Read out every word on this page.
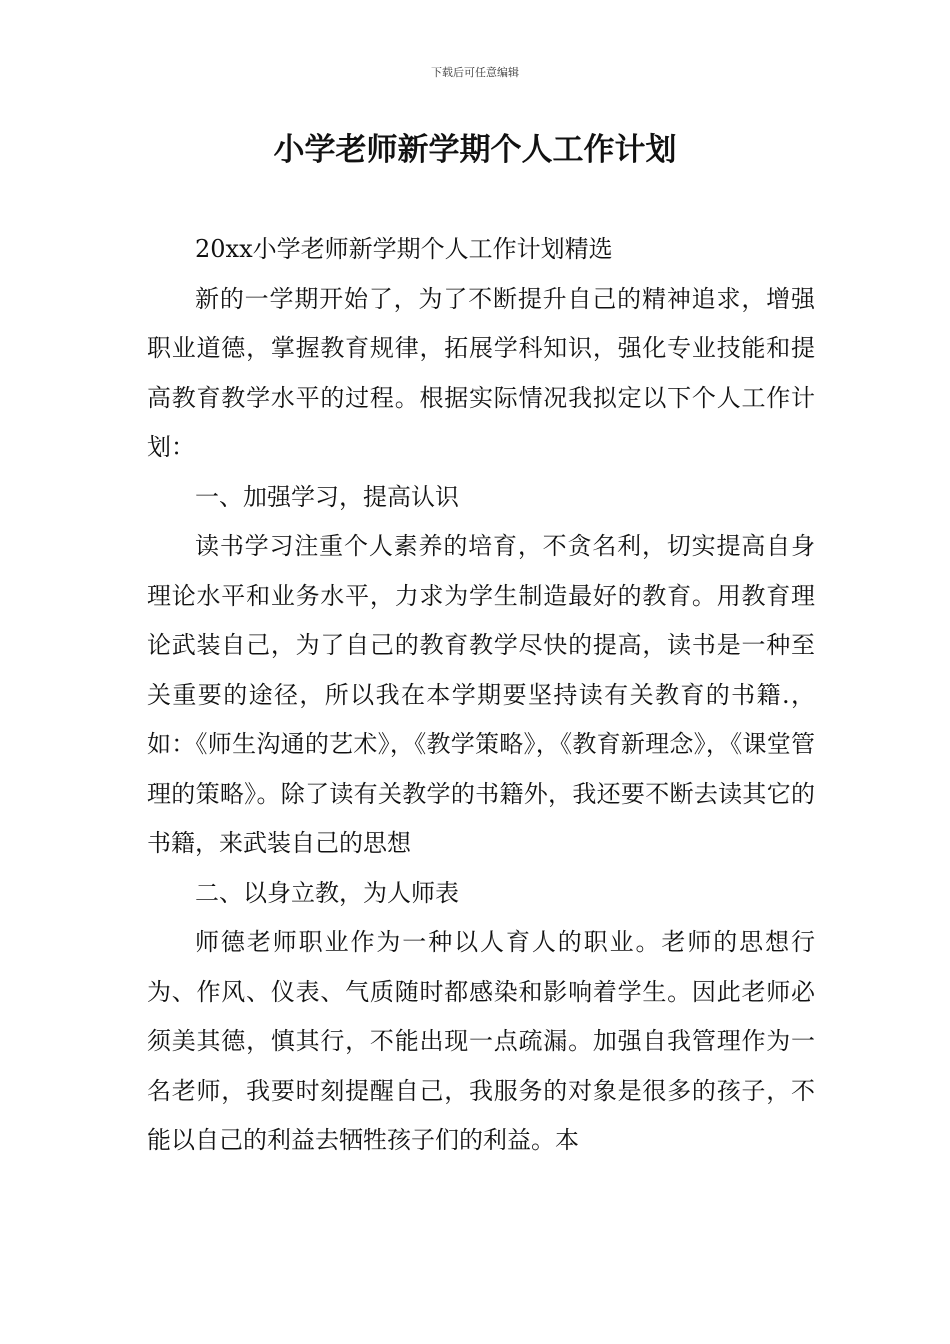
下载后可任意编辑
小学老师新学期个人工作计划

20xx小学老师新学期个人工作计划精选

新的一学期开始了，为了不断提升自己的精神追求，增强职业道德，掌握教育规律，拓展学科知识，强化专业技能和提高教育教学水平的过程。根据实际情况我拟定以下个人工作计划：

一、加强学习，提高认识

读书学习注重个人素养的培育，不贪名利，切实提高自身理论水平和业务水平，力求为学生制造最好的教育。用教育理论武装自己，为了自己的教育教学尽快的提高，读书是一种至关重要的途径，所以我在本学期要坚持读有关教育的书籍.，如：《师生沟通的艺术》，《教学策略》，《教育新理念》，《课堂管理的策略》。除了读有关教学的书籍外，我还要不断去读其它的书籍，来武装自己的思想

二、以身立教，为人师表

师德老师职业作为一种以人育人的职业。老师的思想行为、作风、仪表、气质随时都感染和影响着学生。因此老师必须美其德，慎其行，不能出现一点疏漏。加强自我管理作为一名老师，我要时刻提醒自己，我服务的对象是很多的孩子，不能以自己的利益去牺牲孩子们的利益。本
